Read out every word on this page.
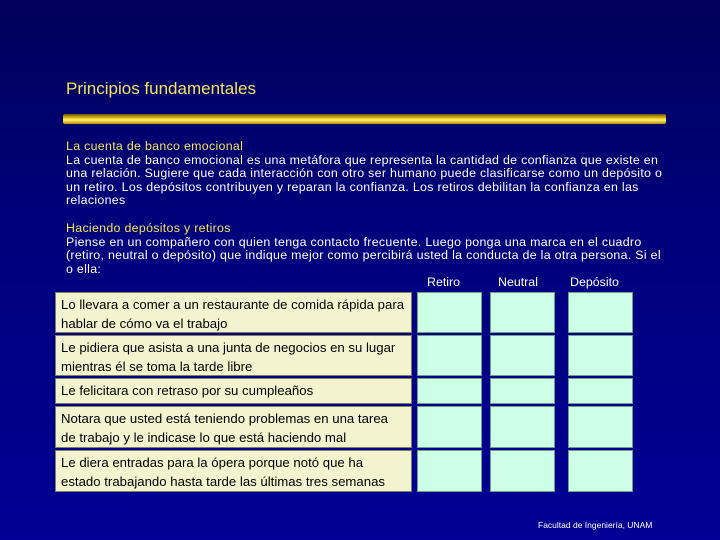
Principios fundamentales
La cuenta de banco emocional
La cuenta de banco emocional es una metáfora que representa la cantidad de confianza que existe en una relación. Sugiere que cada interacción con otro ser humano puede clasificarse como un depósito o un retiro. Los depósitos contribuyen y reparan la confianza. Los retiros debilitan la confianza en las relaciones
Haciendo depósitos y retiros
Piense en un compañero con quien tenga contacto frecuente. Luego ponga una marca en el cuadro (retiro, neutral o depósito) que indique mejor como percibirá usted la conducta de la otra persona. Si el o ella:
Retiro	Neutral	Depósito
Lo llevara a comer a un restaurante de comida rápida para hablar de cómo va el trabajo
Le pidiera que asista a una junta de negocios en su lugar mientras él se toma la tarde libre
Le felicitara con retraso por su cumpleaños
Notara que usted está teniendo problemas en una tarea de trabajo y le indicase lo que está haciendo mal
Le diera entradas para la ópera porque notó que ha estado trabajando hasta tarde las últimas tres semanas
Facultad de Ingeniería, UNAM
